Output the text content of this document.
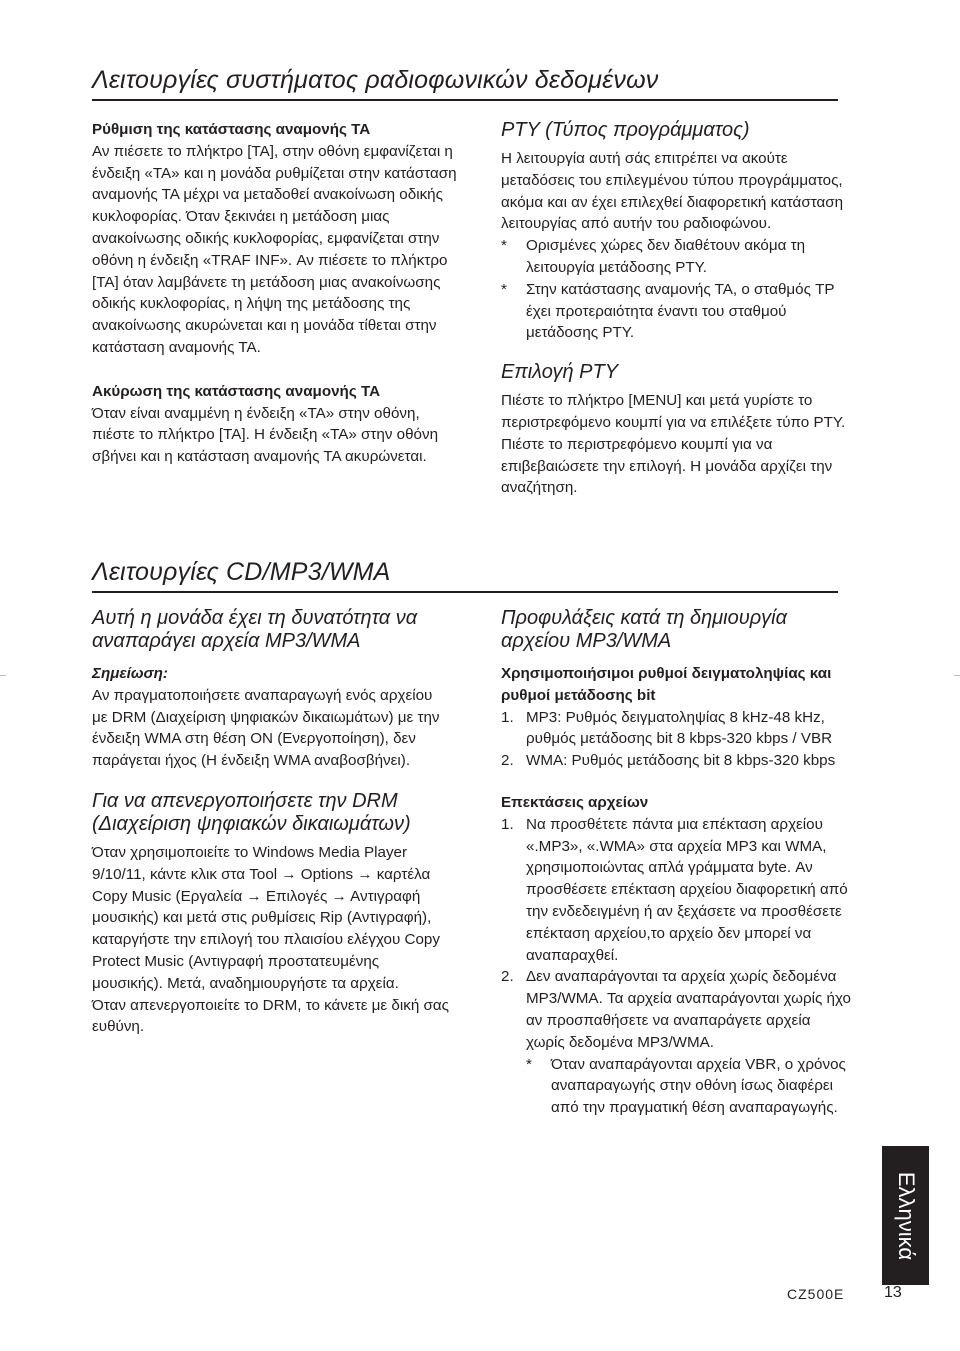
Λειτουργίες συστήματος ραδιοφωνικών δεδομένων

Ρύθμιση της κατάστασης αναμονής ΤΑ

Αν πιέσετε το πλήκτρο [ΤΑ], στην οθόνη εμφανίζεται η ένδειξη «ΤΑ» και η μονάδα ρυθμίζεται στην κατάσταση αναμονής ΤΑ μέχρι να μεταδοθεί ανακοίνωση οδικής κυκλοφορίας. Όταν ξεκινάει η μετάδοση μιας ανακοίνωσης οδικής κυκλοφορίας, εμφανίζεται στην οθόνη η ένδειξη «TRAF INF». Αν πιέσετε το πλήκτρο [ΤΑ] όταν λαμβάνετε τη μετάδοση μιας ανακοίνωσης οδικής κυκλοφορίας, η λήψη της μετάδοσης της ανακοίνωσης ακυρώνεται και η μονάδα τίθεται στην κατάσταση αναμονής ΤΑ.

Ακύρωση της κατάστασης αναμονής ΤΑ

Όταν είναι αναμμένη η ένδειξη «ΤΑ» στην οθόνη, πιέστε το πλήκτρο [ΤΑ]. Η ένδειξη «ΤΑ» στην οθόνη σβήνει και η κατάσταση αναμονής ΤΑ ακυρώνεται.

PTY (Τύπος προγράμματος)

Η λειτουργία αυτή σάς επιτρέπει να ακούτε μεταδόσεις του επιλεγμένου τύπου προγράμματος, ακόμα και αν έχει επιλεχθεί διαφορετική κατάσταση λειτουργίας από αυτήν του ραδιοφώνου.

* Ορισμένες χώρες δεν διαθέτουν ακόμα τη λειτουργία μετάδοσης PTY.
* Στην κατάστασης αναμονής ΤΑ, ο σταθμός TP έχει προτεραιότητα έναντι του σταθμού μετάδοσης PTY.

Επιλογή PTY

Πιέστε το πλήκτρο [MENU] και μετά γυρίστε το περιστρεφόμενο κουμπί για να επιλέξετε τύπο PTY. Πιέστε το περιστρεφόμενο κουμπί για να επιβεβαιώσετε την επιλογή. Η μονάδα αρχίζει την αναζήτηση.

Λειτουργίες CD/MP3/WMA

Αυτή η μονάδα έχει τη δυνατότητα να αναπαράγει αρχεία MP3/WMA

Σημείωση:

Αν πραγματοποιήσετε αναπαραγωγή ενός αρχείου με DRM (Διαχείριση ψηφιακών δικαιωμάτων) με την ένδειξη WMA στη θέση ON (Ενεργοποίηση), δεν παράγεται ήχος (Η ένδειξη WMA αναβοσβήνει).

Για να απενεργοποιήσετε την DRM (Διαχείριση ψηφιακών δικαιωμάτων)

Όταν χρησιμοποιείτε το Windows Media Player 9/10/11, κάντε κλικ στα Tool → Options → καρτέλα Copy Music (Εργαλεία → Επιλογές → Αντιγραφή μουσικής) και μετά στις ρυθμίσεις Rip (Αντιγραφή), καταργήστε την επιλογή του πλαισίου ελέγχου Copy Protect Music (Αντιγραφή προστατευμένης μουσικής). Μετά, αναδημιουργήστε τα αρχεία.

Όταν απενεργοποιείτε το DRM, το κάνετε με δική σας ευθύνη.

Προφυλάξεις κατά τη δημιουργία αρχείου MP3/WMA

Χρησιμοποιήσιμοι ρυθμοί δειγματοληψίας και ρυθμοί μετάδοσης bit

1. MP3: Ρυθμός δειγματοληψίας 8 kHz-48 kHz, ρυθμός μετάδοσης bit 8 kbps-320 kbps / VBR
2. WMA: Ρυθμός μετάδοσης bit 8 kbps-320 kbps

Επεκτάσεις αρχείων

1. Να προσθέτετε πάντα μια επέκταση αρχείου «.MP3», «.WMA» στα αρχεία MP3 και WMA, χρησιμοποιώντας απλά γράμματα byte. Αν προσθέσετε επέκταση αρχείου διαφορετική από την ενδεδειγμένη ή αν ξεχάσετε να προσθέσετε επέκταση αρχείου,το αρχείο δεν μπορεί να αναπαραχθεί.
2. Δεν αναπαράγονται τα αρχεία χωρίς δεδομένα MP3/WMA. Τα αρχεία αναπαράγονται χωρίς ήχο αν προσπαθήσετε να αναπαράγετε αρχεία χωρίς δεδομένα MP3/WMA.
* Όταν αναπαράγονται αρχεία VBR, ο χρόνος αναπαραγωγής στην οθόνη ίσως διαφέρει από την πραγματική θέση αναπαραγωγής.
Ελληνικά
CZ500E 13
